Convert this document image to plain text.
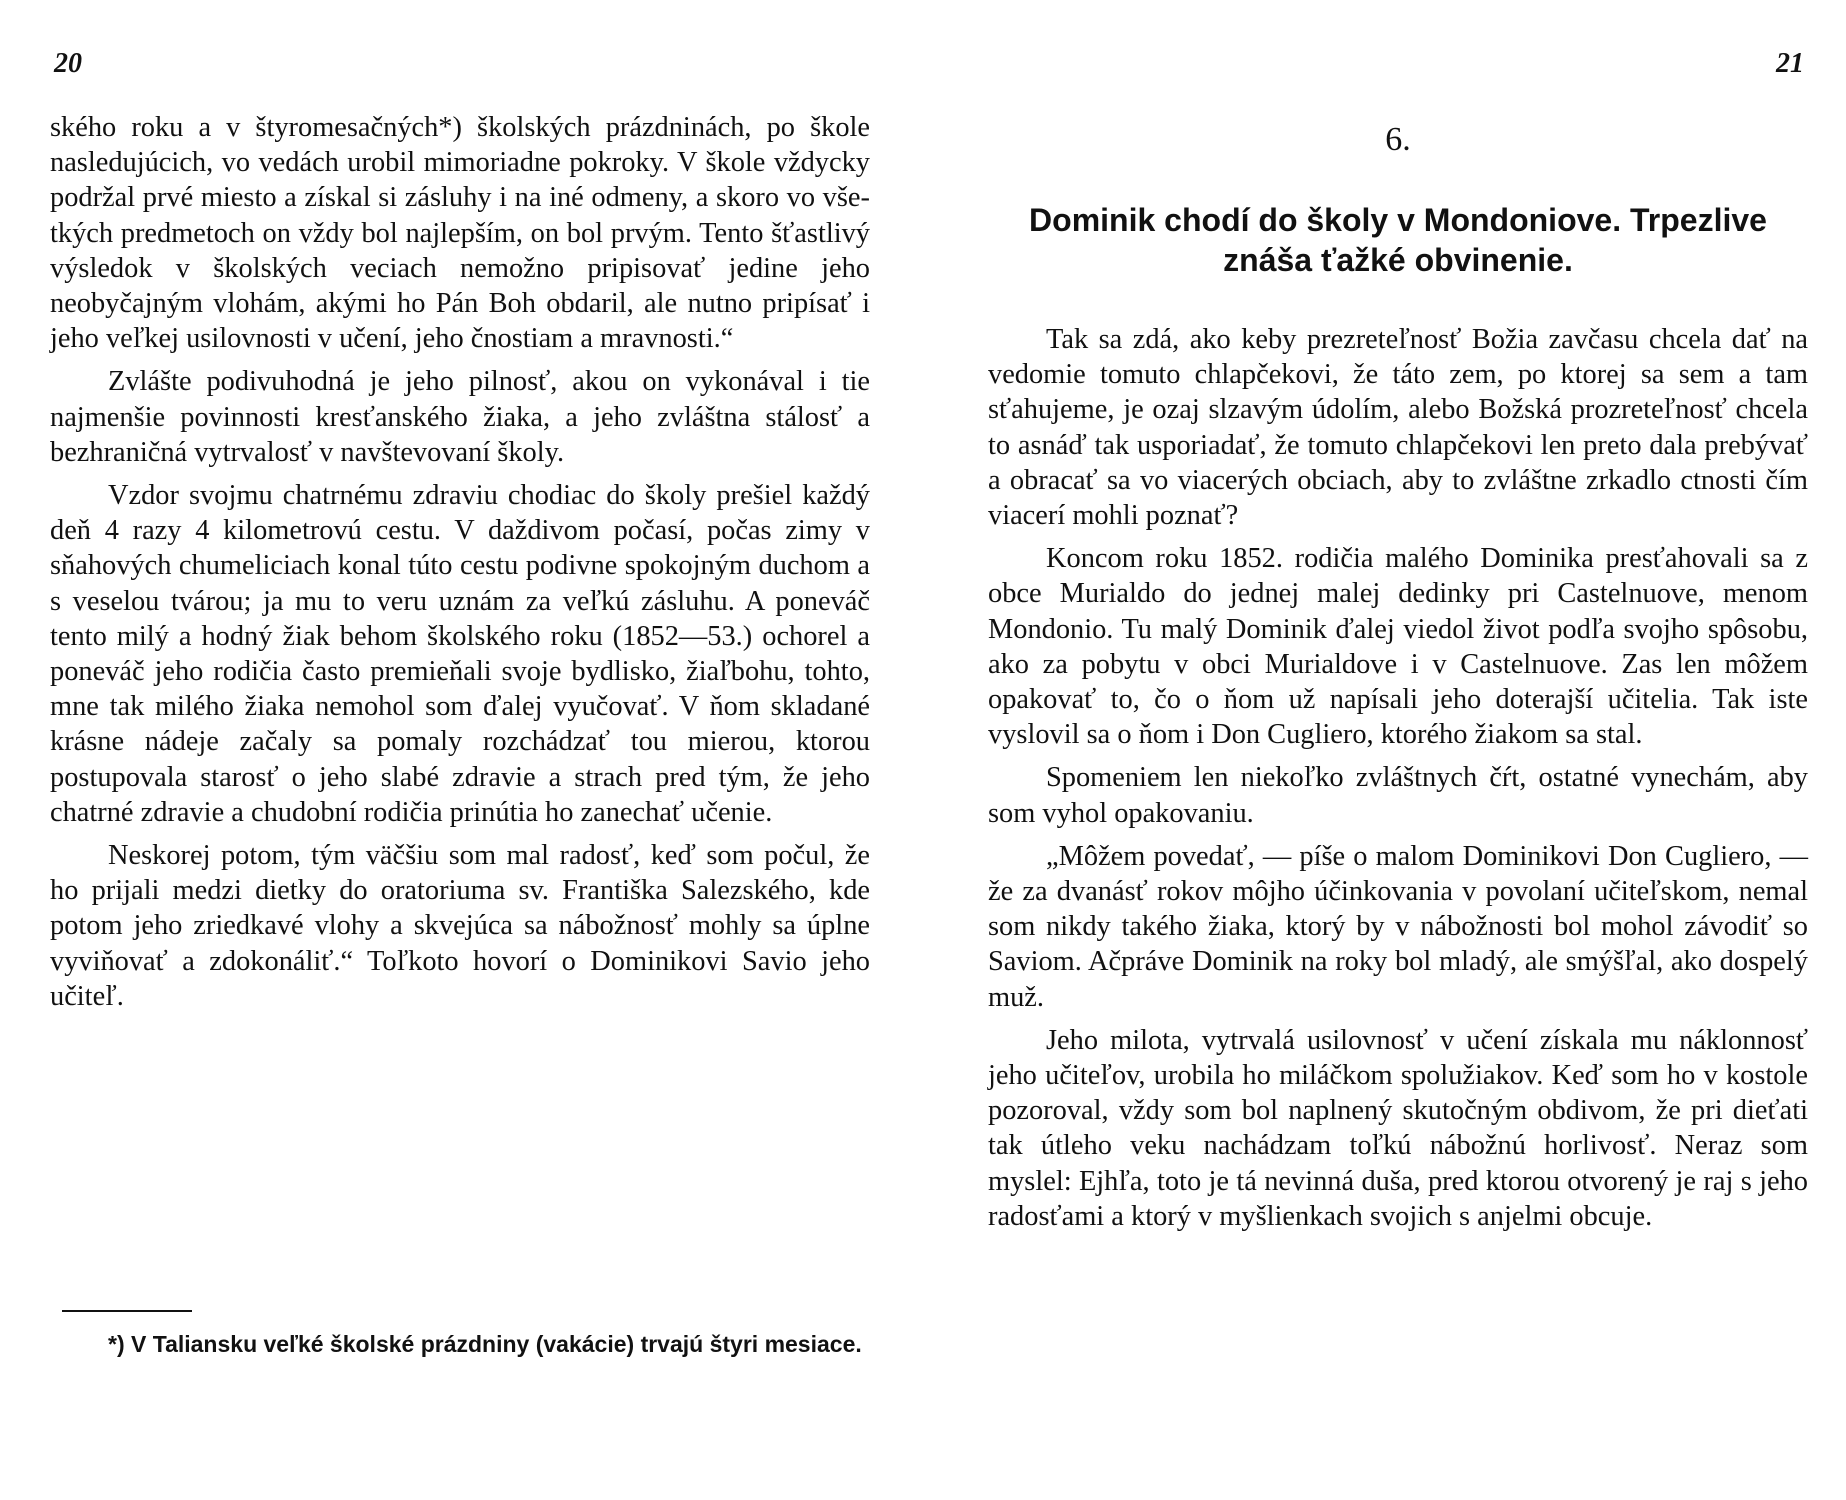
20

ského roku a v štyromesačných*) školských prázdninách, po škole nasledujúcich, vo vedách urobil mimoriadne pokroky. V škole vždycky podržal prvé miesto a získal si zásluhy i na iné odmeny, a skoro vo všetkých predmetoch on vždy bol najlepším, on bol prvým. Tento šťastlivý výsledok v školských veciach nemožno pripisovať jedine jeho neobyčajným vlohám, akými ho Pán Boh obdaril, ale nutno pripísať i jeho veľkej usilovnosti v učení, jeho čnostiam a mravnosti.“

Zvlášte podivuhodná je jeho pilnosť, akou on vykonával i tie najmenšie povinnosti kresťanského žiaka, a jeho zvláštna stálosť a bezhraničná vytrvalosť v navštevovaní školy.

Vzdor svojmu chatrnému zdraviu chodiac do školy prešiel každý deň 4 razy 4 kilometrovú cestu. V daždivom počasí, počas zimy v sňahových chumeliciach konal túto cestu podivne spokojným duchom a s veselou tvárou; ja mu to veru uznám za veľkú zásluhu. A poneváč tento milý a hodný žiak behom školského roku (1852—53.) ochorel a poneváč jeho rodičia často premieňali svoje bydlisko, žiaľbohu, tohto, mne tak milého žiaka nemohol som ďalej vyučovať. V ňom skladané krásne nádeje začaly sa pomaly rozchádzať tou mierou, ktorou postupovala starosť o jeho slabé zdravie a strach pred tým, že jeho chatrné zdravie a chudobní rodičia prinútia ho zanechať učenie.

Neskorej potom, tým väčšiu som mal radosť, keď som počul, že ho prijali medzi dietky do oratoriuma sv. Františka Salezského, kde potom jeho zriedkavé vlohy a skvejúca sa nábožnosť mohly sa úplne vyviňovať a zdokonáliť.“ Toľkoto hovorí o Dominikovi Savio jeho učiteľ.

*) V Taliansku veľké školské prázdniny (vakácie) trvajú štyri mesiace.
21
6.
Dominik chodí do školy v Mondoniove. Trpezlive znáša ťažké obvinenie.

Tak sa zdá, ako keby prezreteľnosť Božia zavčasu chcela dať na vedomie tomuto chlapčekovi, že táto zem, po ktorej sa sem a tam sťahujeme, je ozaj slzavým údolím, alebo Božská prozreteľnosť chcela to asnáď tak usporiadať, že tomuto chlapčekovi len preto dala prebývať a obracať sa vo viacerých obciach, aby to zvláštne zrkadlo ctnosti čím viacerí mohli poznať?

Koncom roku 1852. rodičia malého Dominika presťahovali sa z obce Murialdo do jednej malej dedinky pri Castelnuove, menom Mondonio. Tu malý Dominik ďalej viedol život podľa svojho spôsobu, ako za pobytu v obci Murialdove i v Castelnuove. Zas len môžem opakovať to, čo o ňom už napísali jeho doterajší učitelia. Tak iste vyslovil sa o ňom i Don Cugliero, ktorého žiakom sa stal.

Spomeniem len niekoľko zvláštnych čŕt, ostatné vynechám, aby som vyhol opakovaniu.

„Môžem povedať, — píše o malom Dominikovi Don Cugliero, — že za dvanásť rokov môjho účinkovania v povolaní učiteľskom, nemal som nikdy takého žiaka, ktorý by v nábožnosti bol mohol závodiť so Saviom. Ačpráve Dominik na roky bol mladý, ale smýšľal, ako dospelý muž.

Jeho milota, vytrvalá usilovnosť v učení získala mu náklonnosť jeho učiteľov, urobila ho miláčkom spolužiakov. Keď som ho v kostole pozoroval, vždy som bol naplnený skutočným obdivom, že pri dieťati tak útleho veku nachádzam toľkú nábožnú horlivosť. Neraz som myslel: Ejhľa, toto je tá nevinná duša, pred ktorou otvorený je raj s jeho radosťami a ktorý v myšlienkach svojich s anjelmi obcuje.
